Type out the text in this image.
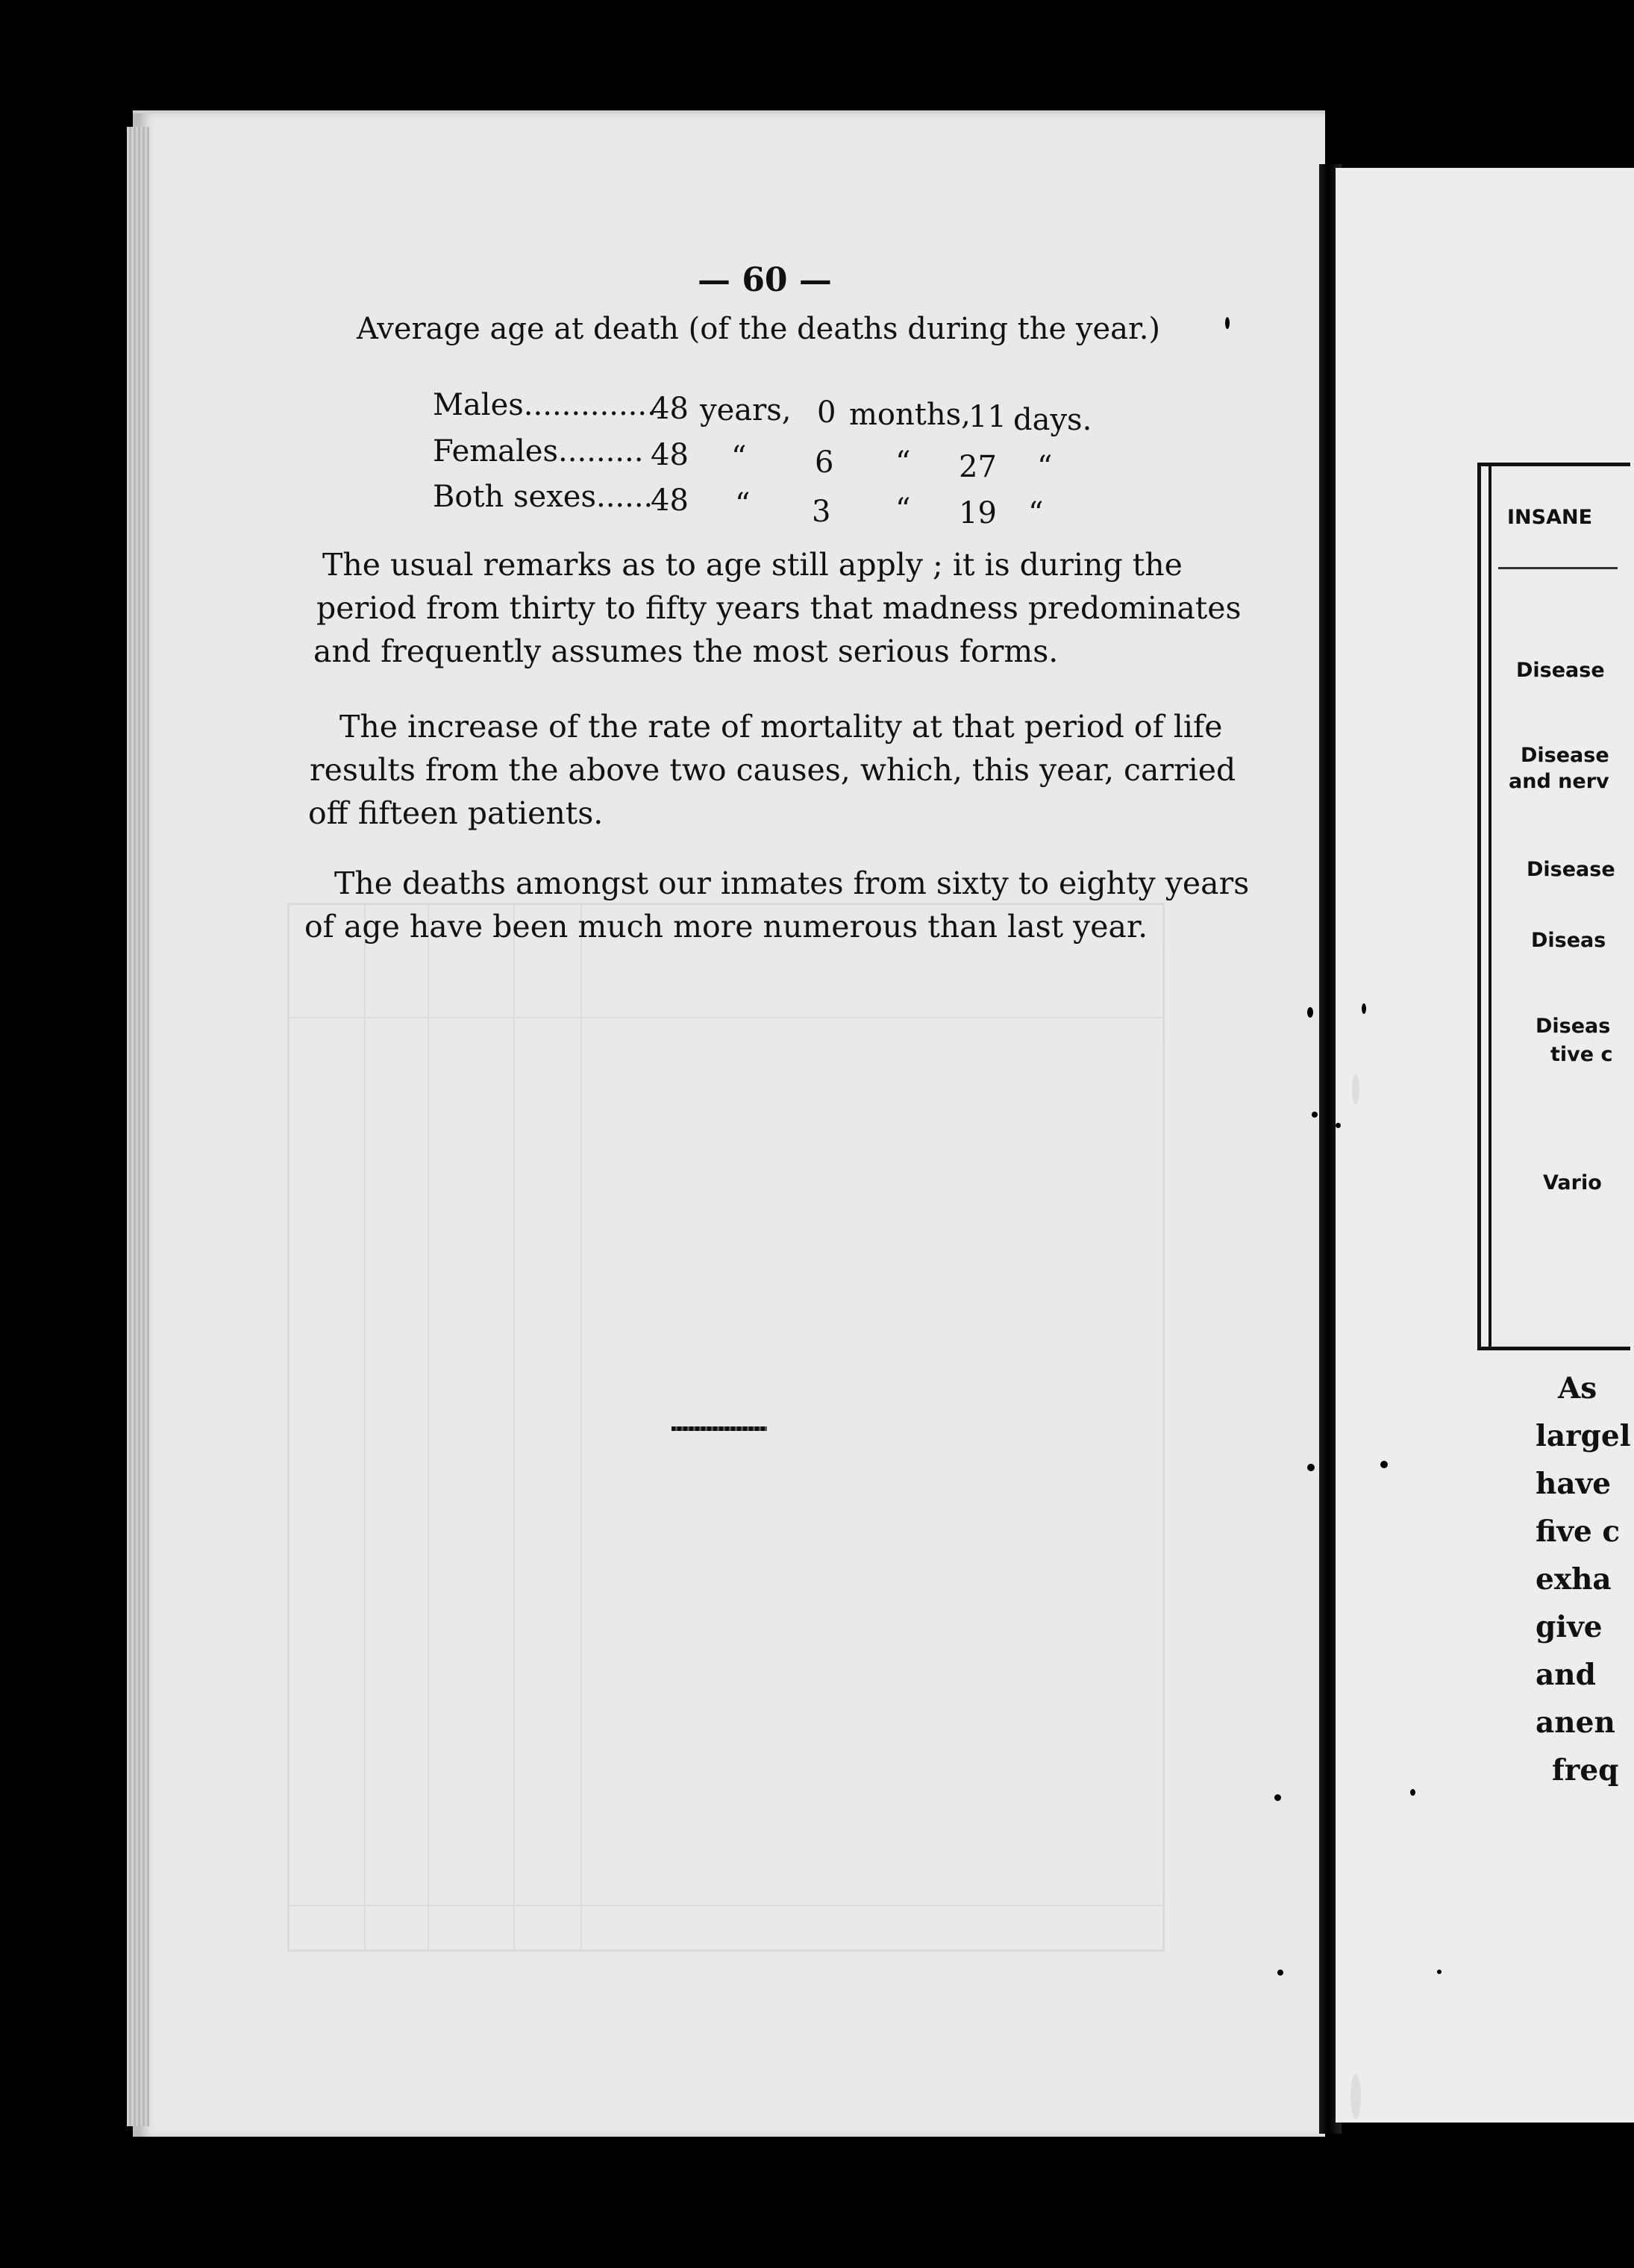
— 60 —
Average age at death (of the deaths during the year.)
Males..............
48 years, 0 months,
11 days.
Females......... 48 “ 6 “ 27 “
Both sexes......
48 “ 3 “ 19 “
The usual remarks as to age still apply ; it is during the
period from thirty to fifty years that madness predominates
and frequently assumes the most serious forms.
The increase of the rate of mortality at that period of life
results from the above two causes, which, this year, carried
off fifteen patients.
The deaths amongst our inmates from sixty to eighty years
of age have been much more numerous than last year.
INSANE
Disease
Disease
and nerv
Disease
Diseas
Diseas
tive c
Vario
As
largel
have
five c
exha
give
and
anen
freq
